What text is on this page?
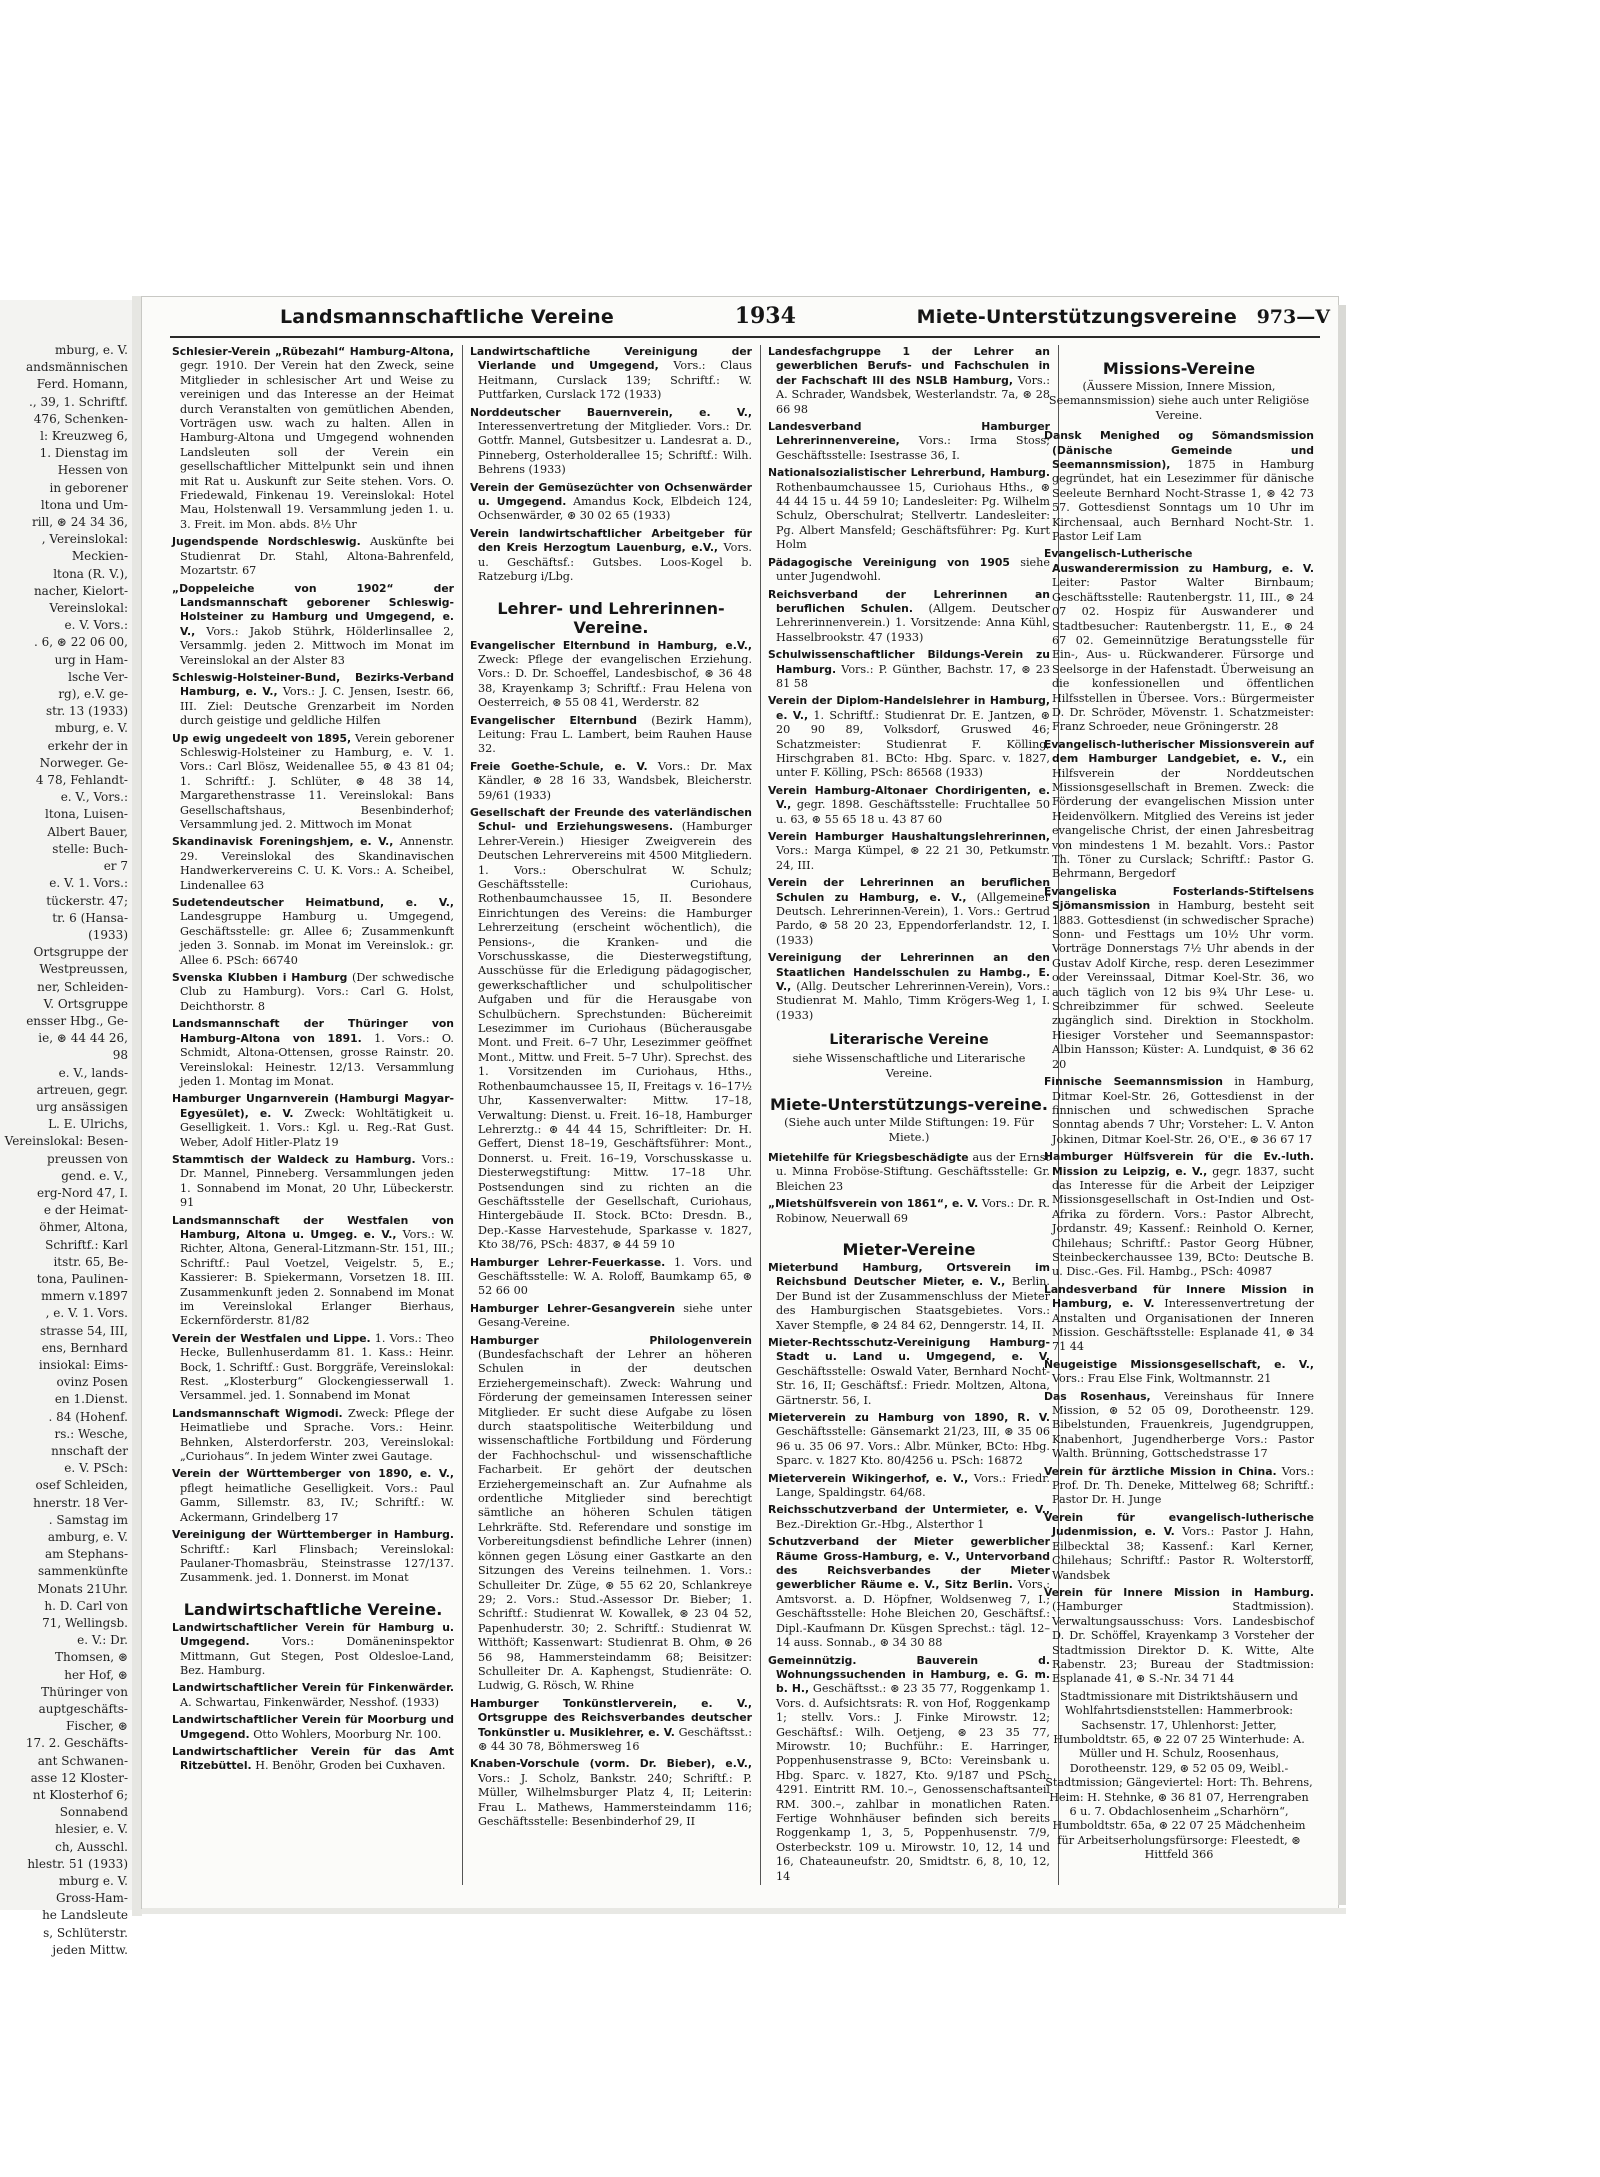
mburg, e. V.
andsmännischen
Ferd. Homann,
., 39, 1. Schriftf.
476, Schenken-
l: Kreuzweg 6,
1. Dienstag im
Hessen von
in geborener
ltona und Um-
rill, ⊛ 24 34 36,
, Vereinslokal:
Meckien-
ltona (R. V.),
nacher, Kielort-
Vereinslokal:
e. V. Vors.:
. 6, ⊛ 22 06 00,
urg in Ham-
lsche Ver-
rg), e.V. ge-
str. 13 (1933)
mburg, e. V.
erkehr der in
Norweger. Ge-
4 78, Fehlandt-
e. V., Vors.:
ltona, Luisen-
Albert Bauer,
stelle: Buch-
er 7
e. V. 1. Vors.:
tückerstr. 47;
tr. 6 (Hansa-
(1933)
Ortsgruppe der
Westpreussen,
ner, Schleiden-
V. Ortsgruppe
ensser Hbg., Ge-
ie, ⊛ 44 44 26,
98
e. V., lands-
artreuen, gegr.
urg ansässigen
L. E. Ulrichs,
Vereinslokal: Besen-
preussen von
gend. e. V.,
erg-Nord 47, I.
e der Heimat-
öhmer, Altona,
Schriftf.: Karl
itstr. 65, Be-
tona, Paulinen-
mmern v.1897
, e. V. 1. Vors.
strasse 54, III,
ens, Bernhard
insiokal: Eims-
ovinz Posen
en 1.Dienst.
. 84 (Hohenf.
rs.: Wesche,
nnschaft der
e. V. PSch:
osef Schleiden,
hnerstr. 18 Ver-
. Samstag im
amburg, e. V.
am Stephans-
sammenkünfte
Monats 21Uhr.
h. D. Carl von
71, Wellingsb.
e. V.: Dr.
Thomsen, ⊛
her Hof, ⊛
Thüringer von
auptgeschäfts-
Fischer, ⊛
17. 2. Geschäfts-
ant Schwanen-
asse 12 Kloster-
nt Klosterhof 6;
Sonnabend
hlesier, e. V.
ch, Ausschl.
hlestr. 51 (1933)
mburg e. V.
Gross-Ham-
he Landsleute
s, Schlüterstr.
jeden Mittw.
Landsmannschaftliche Vereine	1934	Miete-Unterstützungsvereine 973—V
Schlesier-Verein „Rübezahl“ Hamburg-Altona, gegr. 1910. Der Verein hat den Zweck, seine Mitglieder in schlesischer Art und Weise zu vereinigen und das Interesse an der Heimat durch Veranstalten von gemütlichen Abenden, Vorträgen usw. wach zu halten. Allen in Hamburg-Altona und Umgegend wohnenden Landsleuten soll der Verein ein gesellschaftlicher Mittelpunkt sein und ihnen mit Rat u. Auskunft zur Seite stehen. Vors. O. Friedewald, Finkenau 19. Vereinslokal: Hotel Mau, Holstenwall 19. Versammlung jeden 1. u. 3. Freit. im Mon. abds. 8½ Uhr
Jugendspende Nordschleswig. Auskünfte bei Studienrat Dr. Stahl, Altona-Bahrenfeld, Mozartstr. 67
„Doppeleiche von 1902“ der Landsmannschaft geborener Schleswig-Holsteiner zu Hamburg und Umgegend, e. V., Vors.: Jakob Stührk, Hölderlinsallee 2, Versammlg. jeden 2. Mittwoch im Monat im Vereinslokal an der Alster 83
Schleswig-Holsteiner-Bund, Bezirks-Verband Hamburg, e. V., Vors.: J. C. Jensen, Isestr. 66, III. Ziel: Deutsche Grenzarbeit im Norden durch geistige und geldliche Hilfen
Up ewig ungedeelt von 1895, Verein geborener Schleswig-Holsteiner zu Hamburg, e. V. 1. Vors.: Carl Blösz, Weidenallee 55, ⊛ 43 81 04; 1. Schriftf.: J. Schlüter, ⊛ 48 38 14, Margarethenstrasse 11. Vereinslokal: Bans Gesellschaftshaus, Besenbinderhof; Versammlung jed. 2. Mittwoch im Monat
Skandinavisk Foreningshjem, e. V., Annenstr. 29. Vereinslokal des Skandinavischen Handwerkervereins C. U. K. Vors.: A. Scheibel, Lindenallee 63
Sudetendeutscher Heimatbund, e. V., Landesgruppe Hamburg u. Umgegend, Geschäftsstelle: gr. Allee 6; Zusammenkunft jeden 3. Sonnab. im Monat im Vereinslok.: gr. Allee 6. PSch: 66740
Svenska Klubben i Hamburg (Der schwedische Club zu Hamburg). Vors.: Carl G. Holst, Deichthorstr. 8
Landsmannschaft der Thüringer von Hamburg-Altona von 1891. 1. Vors.: O. Schmidt, Altona-Ottensen, grosse Rainstr. 20. Vereinslokal: Heinestr. 12/13. Versammlung jeden 1. Montag im Monat.
Hamburger Ungarnverein (Hamburgi Magyar-Egyesület), e. V. Zweck: Wohltätigkeit u. Geselligkeit. 1. Vors.: Kgl. u. Reg.-Rat Gust. Weber, Adolf Hitler-Platz 19
Stammtisch der Waldeck zu Hamburg. Vors.: Dr. Mannel, Pinneberg. Versammlungen jeden 1. Sonnabend im Monat, 20 Uhr, Lübeckerstr. 91
Landsmannschaft der Westfalen von Hamburg, Altona u. Umgeg. e. V., Vors.: W. Richter, Altona, General-Litzmann-Str. 151, III.; Schriftf.: Paul Voetzel, Veigelstr. 5, E.; Kassierer: B. Spiekermann, Vorsetzen 18. III. Zusammenkunft jeden 2. Sonnabend im Monat im Vereinslokal Erlanger Bierhaus, Eckernförderstr. 81/82
Verein der Westfalen und Lippe. 1. Vors.: Theo Hecke, Bullenhuserdamm 81. 1. Kass.: Heinr. Bock, 1. Schriftf.: Gust. Borggräfe, Vereinslokal: Rest. „Klosterburg“ Glockengiesserwall 1. Versammel. jed. 1. Sonnabend im Monat
Landsmannschaft Wigmodi. Zweck: Pflege der Heimatliebe und Sprache. Vors.: Heinr. Behnken, Alsterdorferstr. 203, Vereinslokal: „Curiohaus“. In jedem Winter zwei Gautage.
Verein der Württemberger von 1890, e. V., pflegt heimatliche Geselligkeit. Vors.: Paul Gamm, Sillemstr. 83, IV.; Schriftf.: W. Ackermann, Grindelberg 17
Vereinigung der Württemberger in Hamburg. Schriftf.: Karl Flinsbach; Vereinslokal: Paulaner-Thomasbräu, Steinstrasse 127/137. Zusammenk. jed. 1. Donnerst. im Monat
Landwirtschaftliche Vereine.
Landwirtschaftlicher Verein für Hamburg u. Umgegend. Vors.: Domäneninspektor Mittmann, Gut Stegen, Post Oldesloe-Land, Bez. Hamburg.
Landwirtschaftlicher Verein für Finkenwärder. A. Schwartau, Finkenwärder, Nesshof. (1933)
Landwirtschaftlicher Verein für Moorburg und Umgegend. Otto Wohlers, Moorburg Nr. 100.
Landwirtschaftlicher Verein für das Amt Ritzebüttel. H. Benöhr, Groden bei Cuxhaven.
Landwirtschaftliche Vereinigung der Vierlande und Umgegend, Vors.: Claus Heitmann, Curslack 139; Schriftf.: W. Puttfarken, Curslack 172 (1933)
Norddeutscher Bauernverein, e. V., Interessenvertretung der Mitglieder. Vors.: Dr. Gottfr. Mannel, Gutsbesitzer u. Landesrat a. D., Pinneberg, Osterholderallee 15; Schriftf.: Wilh. Behrens (1933)
Verein der Gemüsezüchter von Ochsenwärder u. Umgegend. Amandus Kock, Elbdeich 124, Ochsenwärder, ⊛ 30 02 65 (1933)
Verein landwirtschaftlicher Arbeitgeber für den Kreis Herzogtum Lauenburg, e.V., Vors. u. Geschäftsf.: Gutsbes. Loos-Kogel b. Ratzeburg i/Lbg.
Lehrer- und Lehrerinnen-Vereine.
Evangelischer Elternbund in Hamburg, e.V., Zweck: Pflege der evangelischen Erziehung. Vors.: D. Dr. Schoeffel, Landesbischof, ⊛ 36 48 38, Krayenkamp 3; Schriftf.: Frau Helena von Oesterreich, ⊛ 55 08 41, Werderstr. 82
Evangelischer Elternbund (Bezirk Hamm), Leitung: Frau L. Lambert, beim Rauhen Hause 32.
Freie Goethe-Schule, e. V. Vors.: Dr. Max Kändler, ⊛ 28 16 33, Wandsbek, Bleicherstr. 59/61 (1933)
Gesellschaft der Freunde des vaterländischen Schul- und Erziehungswesens. (Hamburger Lehrer-Verein.) Hiesiger Zweigverein des Deutschen Lehrervereins mit 4500 Mitgliedern. 1. Vors.: Oberschulrat W. Schulz; Geschäftsstelle: Curiohaus, Rothenbaumchaussee 15, II. Besondere Einrichtungen des Vereins: die Hamburger Lehrerzeitung (erscheint wöchentlich), die Pensions-, die Kranken- und die Vorschusskasse, die Diesterwegstiftung, Ausschüsse für die Erledigung pädagogischer, gewerkschaftlicher und schulpolitischer Aufgaben und für die Herausgabe von Schulbüchern. Sprechstunden: Büchereimit Lesezimmer im Curiohaus (Bücherausgabe Mont. und Freit. 6–7 Uhr, Lesezimmer geöffnet Mont., Mittw. und Freit. 5–7 Uhr). Sprechst. des 1. Vorsitzenden im Curiohaus, Hths., Rothenbaumchaussee 15, II, Freitags v. 16–17½ Uhr, Kassenverwalter: Mittw. 17–18, Verwaltung: Dienst. u. Freit. 16–18, Hamburger Lehrerztg.: ⊛ 44 44 15, Schriftleiter: Dr. H. Geffert, Dienst 18–19, Geschäftsführer: Mont., Donnerst. u. Freit. 16–19, Vorschusskasse u. Diesterwegstiftung: Mittw. 17–18 Uhr. Postsendungen sind zu richten an die Geschäftsstelle der Gesellschaft, Curiohaus, Hintergebäude II. Stock. BCto: Dresdn. B., Dep.-Kasse Harvestehude, Sparkasse v. 1827, Kto 38/76, PSch: 4837, ⊛ 44 59 10
Hamburger Lehrer-Feuerkasse. 1. Vors. und Geschäftsstelle: W. A. Roloff, Baumkamp 65, ⊛ 52 66 00
Hamburger Lehrer-Gesangverein siehe unter Gesang-Vereine.
Hamburger Philologenverein (Bundesfachschaft der Lehrer an höheren Schulen in der deutschen Erziehergemeinschaft). Zweck: Wahrung und Förderung der gemeinsamen Interessen seiner Mitglieder. Er sucht diese Aufgabe zu lösen durch staatspolitische Weiterbildung und wissenschaftliche Fortbildung und Förderung der Fachhochschul- und wissenschaftliche Facharbeit. Er gehört der deutschen Erziehergemeinschaft an. Zur Aufnahme als ordentliche Mitglieder sind berechtigt sämtliche an höheren Schulen tätigen Lehrkräfte. Std. Referendare und sonstige im Vorbereitungsdienst befindliche Lehrer (innen) können gegen Lösung einer Gastkarte an den Sitzungen des Vereins teilnehmen. 1. Vors.: Schulleiter Dr. Züge, ⊛ 55 62 20, Schlankreye 29; 2. Vors.: Stud.-Assessor Dr. Bieber; 1. Schriftf.: Studienrat W. Kowallek, ⊛ 23 04 52, Papenhuderstr. 30; 2. Schriftf.: Studienrat W. Witthöft; Kassenwart: Studienrat B. Ohm, ⊛ 26 56 98, Hammersteindamm 68; Beisitzer: Schulleiter Dr. A. Kaphengst, Studienräte: O. Ludwig, G. Rösch, W. Rhine
Hamburger Tonkünstlerverein, e. V., Ortsgruppe des Reichsverbandes deutscher Tonkünstler u. Musiklehrer, e. V. Geschäftsst.: ⊛ 44 30 78, Böhmersweg 16
Knaben-Vorschule (vorm. Dr. Bieber), e.V., Vors.: J. Scholz, Bankstr. 240; Schriftf.: P. Müller, Wilhelmsburger Platz 4, II; Leiterin: Frau L. Mathews, Hammersteindamm 116; Geschäftsstelle: Besenbinderhof 29, II
Landesfachgruppe 1 der Lehrer an gewerblichen Berufs- und Fachschulen in der Fachschaft III des NSLB Hamburg, Vors.: A. Schrader, Wandsbek, Westerlandstr. 7a, ⊛ 28 66 98
Landesverband Hamburger Lehrerinnenvereine, Vors.: Irma Stoss; Geschäftsstelle: Isestrasse 36, I.
Nationalsozialistischer Lehrerbund, Hamburg. Rothenbaumchaussee 15, Curiohaus Hths., ⊛ 44 44 15 u. 44 59 10; Landesleiter: Pg. Wilhelm Schulz, Oberschulrat; Stellvertr. Landesleiter: Pg. Albert Mansfeld; Geschäftsführer: Pg. Kurt Holm
Pädagogische Vereinigung von 1905 siehe unter Jugendwohl.
Reichsverband der Lehrerinnen an beruflichen Schulen. (Allgem. Deutscher Lehrerinnenverein.) 1. Vorsitzende: Anna Kühl, Hasselbrookstr. 47 (1933)
Schulwissenschaftlicher Bildungs-Verein zu Hamburg. Vors.: P. Günther, Bachstr. 17, ⊛ 23 81 58
Verein der Diplom-Handelslehrer in Hamburg, e. V., 1. Schriftf.: Studienrat Dr. E. Jantzen, ⊛ 20 90 89, Volksdorf, Gruswed 46; Schatzmeister: Studienrat F. Kölling, Hirschgraben 81. BCto: Hbg. Sparc. v. 1827, unter F. Kölling, PSch: 86568 (1933)
Verein Hamburg-Altonaer Chordirigenten, e. V., gegr. 1898. Geschäftsstelle: Fruchtallee 50 u. 63, ⊛ 55 65 18 u. 43 87 60
Verein Hamburger Haushaltungslehrerinnen, Vors.: Marga Kümpel, ⊛ 22 21 30, Petkumstr. 24, III.
Verein der Lehrerinnen an beruflichen Schulen zu Hamburg, e. V., (Allgemeiner Deutsch. Lehrerinnen-Verein), 1. Vors.: Gertrud Pardo, ⊛ 58 20 23, Eppendorferlandstr. 12, I. (1933)
Vereinigung der Lehrerinnen an den Staatlichen Handelsschulen zu Hambg., E. V., (Allg. Deutscher Lehrerinnen-Verein), Vors.: Studienrat M. Mahlo, Timm Krögers-Weg 1, I. (1933)
Literarische Vereine
siehe Wissenschaftliche und Literarische Vereine.
Miete-Unterstützungs-vereine.
(Siehe auch unter Milde Stiftungen: 19. Für Miete.)
Mietehilfe für Kriegsbeschädigte aus der Ernst u. Minna Froböse-Stiftung. Geschäftsstelle: Gr. Bleichen 23
„Mietshülfsverein von 1861“, e. V. Vors.: Dr. R. Robinow, Neuerwall 69
Mieter-Vereine
Mieterbund Hamburg, Ortsverein im Reichsbund Deutscher Mieter, e. V., Berlin. Der Bund ist der Zusammenschluss der Mieter des Hamburgischen Staatsgebietes. Vors.: Xaver Stempfle, ⊛ 24 84 62, Denngerstr. 14, II.
Mieter-Rechtsschutz-Vereinigung Hamburg-Stadt u. Land u. Umgegend, e. V. Geschäftsstelle: Oswald Vater, Bernhard Nocht-Str. 16, II; Geschäftsf.: Friedr. Moltzen, Altona, Gärtnerstr. 56, I.
Mieterverein zu Hamburg von 1890, R. V. Geschäftsstelle: Gänsemarkt 21/23, III, ⊛ 35 06 96 u. 35 06 97. Vors.: Albr. Münker, BCto: Hbg. Sparc. v. 1827 Kto. 80/4256 u. PSch: 16872
Mieterverein Wikingerhof, e. V., Vors.: Friedr. Lange, Spaldingstr. 64/68.
Reichsschutzverband der Untermieter, e. V., Bez.-Direktion Gr.-Hbg., Alsterthor 1
Schutzverband der Mieter gewerblicher Räume Gross-Hamburg, e. V., Untervorband des Reichsverbandes der Mieter gewerblicher Räume e. V., Sitz Berlin. Vors.: Amtsvorst. a. D. Höpfner, Woldsenweg 7, I.; Geschäftsstelle: Hohe Bleichen 20, Geschäftsf.: Dipl.-Kaufmann Dr. Küsgen Sprechst.: tägl. 12–14 auss. Sonnab., ⊛ 34 30 88
Gemeinnützig. Bauverein d. Wohnungssuchenden in Hamburg, e. G. m. b. H., Geschäftsst.: ⊛ 23 35 77, Roggenkamp 1. Vors. d. Aufsichtsrats: R. von Hof, Roggenkamp 1; stellv. Vors.: J. Finke Mirowstr. 12; Geschäftsf.: Wilh. Oetjeng, ⊛ 23 35 77, Mirowstr. 10; Buchführ.: E. Harringer, Poppenhusenstrasse 9, BCto: Vereinsbank u. Hbg. Sparc. v. 1827, Kto. 9/187 und PSch: 4291. Eintritt RM. 10.–, Genossenschaftsanteil RM. 300.–, zahlbar in monatlichen Raten. Fertige Wohnhäuser befinden sich bereits Roggenkamp 1, 3, 5, Poppenhusenstr. 7/9, Osterbeckstr. 109 u. Mirowstr. 10, 12, 14 und 16, Chateauneufstr. 20, Smidtstr. 6, 8, 10, 12, 14
Missions-Vereine
(Äussere Mission, Innere Mission, Seemannsmission) siehe auch unter Religiöse Vereine.
Dansk Menighed og Sömandsmission (Dänische Gemeinde und Seemannsmission), 1875 in Hamburg gegründet, hat ein Lesezimmer für dänische Seeleute Bernhard Nocht-Strasse 1, ⊛ 42 73 57. Gottesdienst Sonntags um 10 Uhr im Kirchensaal, auch Bernhard Nocht-Str. 1. Pastor Leif Lam
Evangelisch-Lutherische Auswanderermission zu Hamburg, e. V. Leiter: Pastor Walter Birnbaum; Geschäftsstelle: Rautenbergstr. 11, III., ⊛ 24 07 02. Hospiz für Auswanderer und Stadtbesucher: Rautenbergstr. 11, E., ⊛ 24 67 02. Gemeinnützige Beratungsstelle für Ein-, Aus- u. Rückwanderer. Fürsorge und Seelsorge in der Hafenstadt. Überweisung an die konfessionellen und öffentlichen Hilfsstellen in Übersee. Vors.: Bürgermeister D. Dr. Schröder, Mövenstr. 1. Schatzmeister: Franz Schroeder, neue Gröningerstr. 28
Evangelisch-lutherischer Missionsverein auf dem Hamburger Landgebiet, e. V., ein Hilfsverein der Norddeutschen Missionsgesellschaft in Bremen. Zweck: die Förderung der evangelischen Mission unter Heidenvölkern. Mitglied des Vereins ist jeder evangelische Christ, der einen Jahresbeitrag von mindestens 1 M. bezahlt. Vors.: Pastor Th. Töner zu Curslack; Schriftf.: Pastor G. Behrmann, Bergedorf
Evangeliska Fosterlands-Stiftelsens Sjömansmission in Hamburg, besteht seit 1883. Gottesdienst (in schwedischer Sprache) Sonn- und Festtags um 10½ Uhr vorm. Vorträge Donnerstags 7½ Uhr abends in der Gustav Adolf Kirche, resp. deren Lesezimmer oder Vereinssaal, Ditmar Koel-Str. 36, wo auch täglich von 12 bis 9¾ Uhr Lese- u. Schreibzimmer für schwed. Seeleute zugänglich sind. Direktion in Stockholm. Hiesiger Vorsteher und Seemannspastor: Albin Hansson; Küster: A. Lundquist, ⊛ 36 62 20
Finnische Seemannsmission in Hamburg, Ditmar Koel-Str. 26, Gottesdienst in der finnischen und schwedischen Sprache Sonntag abends 7 Uhr; Vorsteher: L. V. Anton Jokinen, Ditmar Koel-Str. 26, O'E., ⊛ 36 67 17
Hamburger Hülfsverein für die Ev.-luth. Mission zu Leipzig, e. V., gegr. 1837, sucht das Interesse für die Arbeit der Leipziger Missionsgesellschaft in Ost-Indien und Ost-Afrika zu fördern. Vors.: Pastor Albrecht, Jordanstr. 49; Kassenf.: Reinhold O. Kerner, Chilehaus; Schriftf.: Pastor Georg Hübner, Steinbeckerchaussee 139, BCto: Deutsche B. u. Disc.-Ges. Fil. Hambg., PSch: 40987
Landesverband für Innere Mission in Hamburg, e. V. Interessenvertretung der Anstalten und Organisationen der Inneren Mission. Geschäftsstelle: Esplanade 41, ⊛ 34 71 44
Neugeistige Missionsgesellschaft, e. V., Vors.: Frau Else Fink, Woltmannstr. 21
Das Rosenhaus, Vereinshaus für Innere Mission, ⊛ 52 05 09, Dorotheenstr. 129. Bibelstunden, Frauenkreis, Jugendgruppen, Knabenhort, Jugendherberge Vors.: Pastor Walth. Brünning, Gottschedstrasse 17
Verein für ärztliche Mission in China. Vors.: Prof. Dr. Th. Deneke, Mittelweg 68; Schriftf.: Pastor Dr. H. Junge
Verein für evangelisch-lutherische Judenmission, e. V. Vors.: Pastor J. Hahn, Eilbecktal 38; Kassenf.: Karl Kerner, Chilehaus; Schriftf.: Pastor R. Wolterstorff, Wandsbek
Verein für Innere Mission in Hamburg. (Hamburger Stadtmission). Verwaltungsausschuss: Vors. Landesbischof D. Dr. Schöffel, Krayenkamp 3 Vorsteher der Stadtmission Direktor D. K. Witte, Alte Rabenstr. 23; Bureau der Stadtmission: Esplanade 41, ⊛ S.-Nr. 34 71 44
Stadtmissionare mit Distriktshäusern und Wohlfahrtsdienststellen: Hammerbrook: Sachsenstr. 17, Uhlenhorst: Jetter, Humboldtstr. 65, ⊛ 22 07 25 Winterhude: A. Müller und H. Schulz, Roosenhaus, Dorotheenstr. 129, ⊛ 52 05 09, Weibl.-Stadtmission; Gängeviertel: Hort: Th. Behrens, Heim: H. Stehnke, ⊛ 36 81 07, Herrengraben 6 u. 7. Obdachlosenheim „Scharhörn“, Humboldtstr. 65a, ⊛ 22 07 25 Mädchenheim für Arbeitserholungsfürsorge: Fleestedt, ⊛ Hittfeld 366
